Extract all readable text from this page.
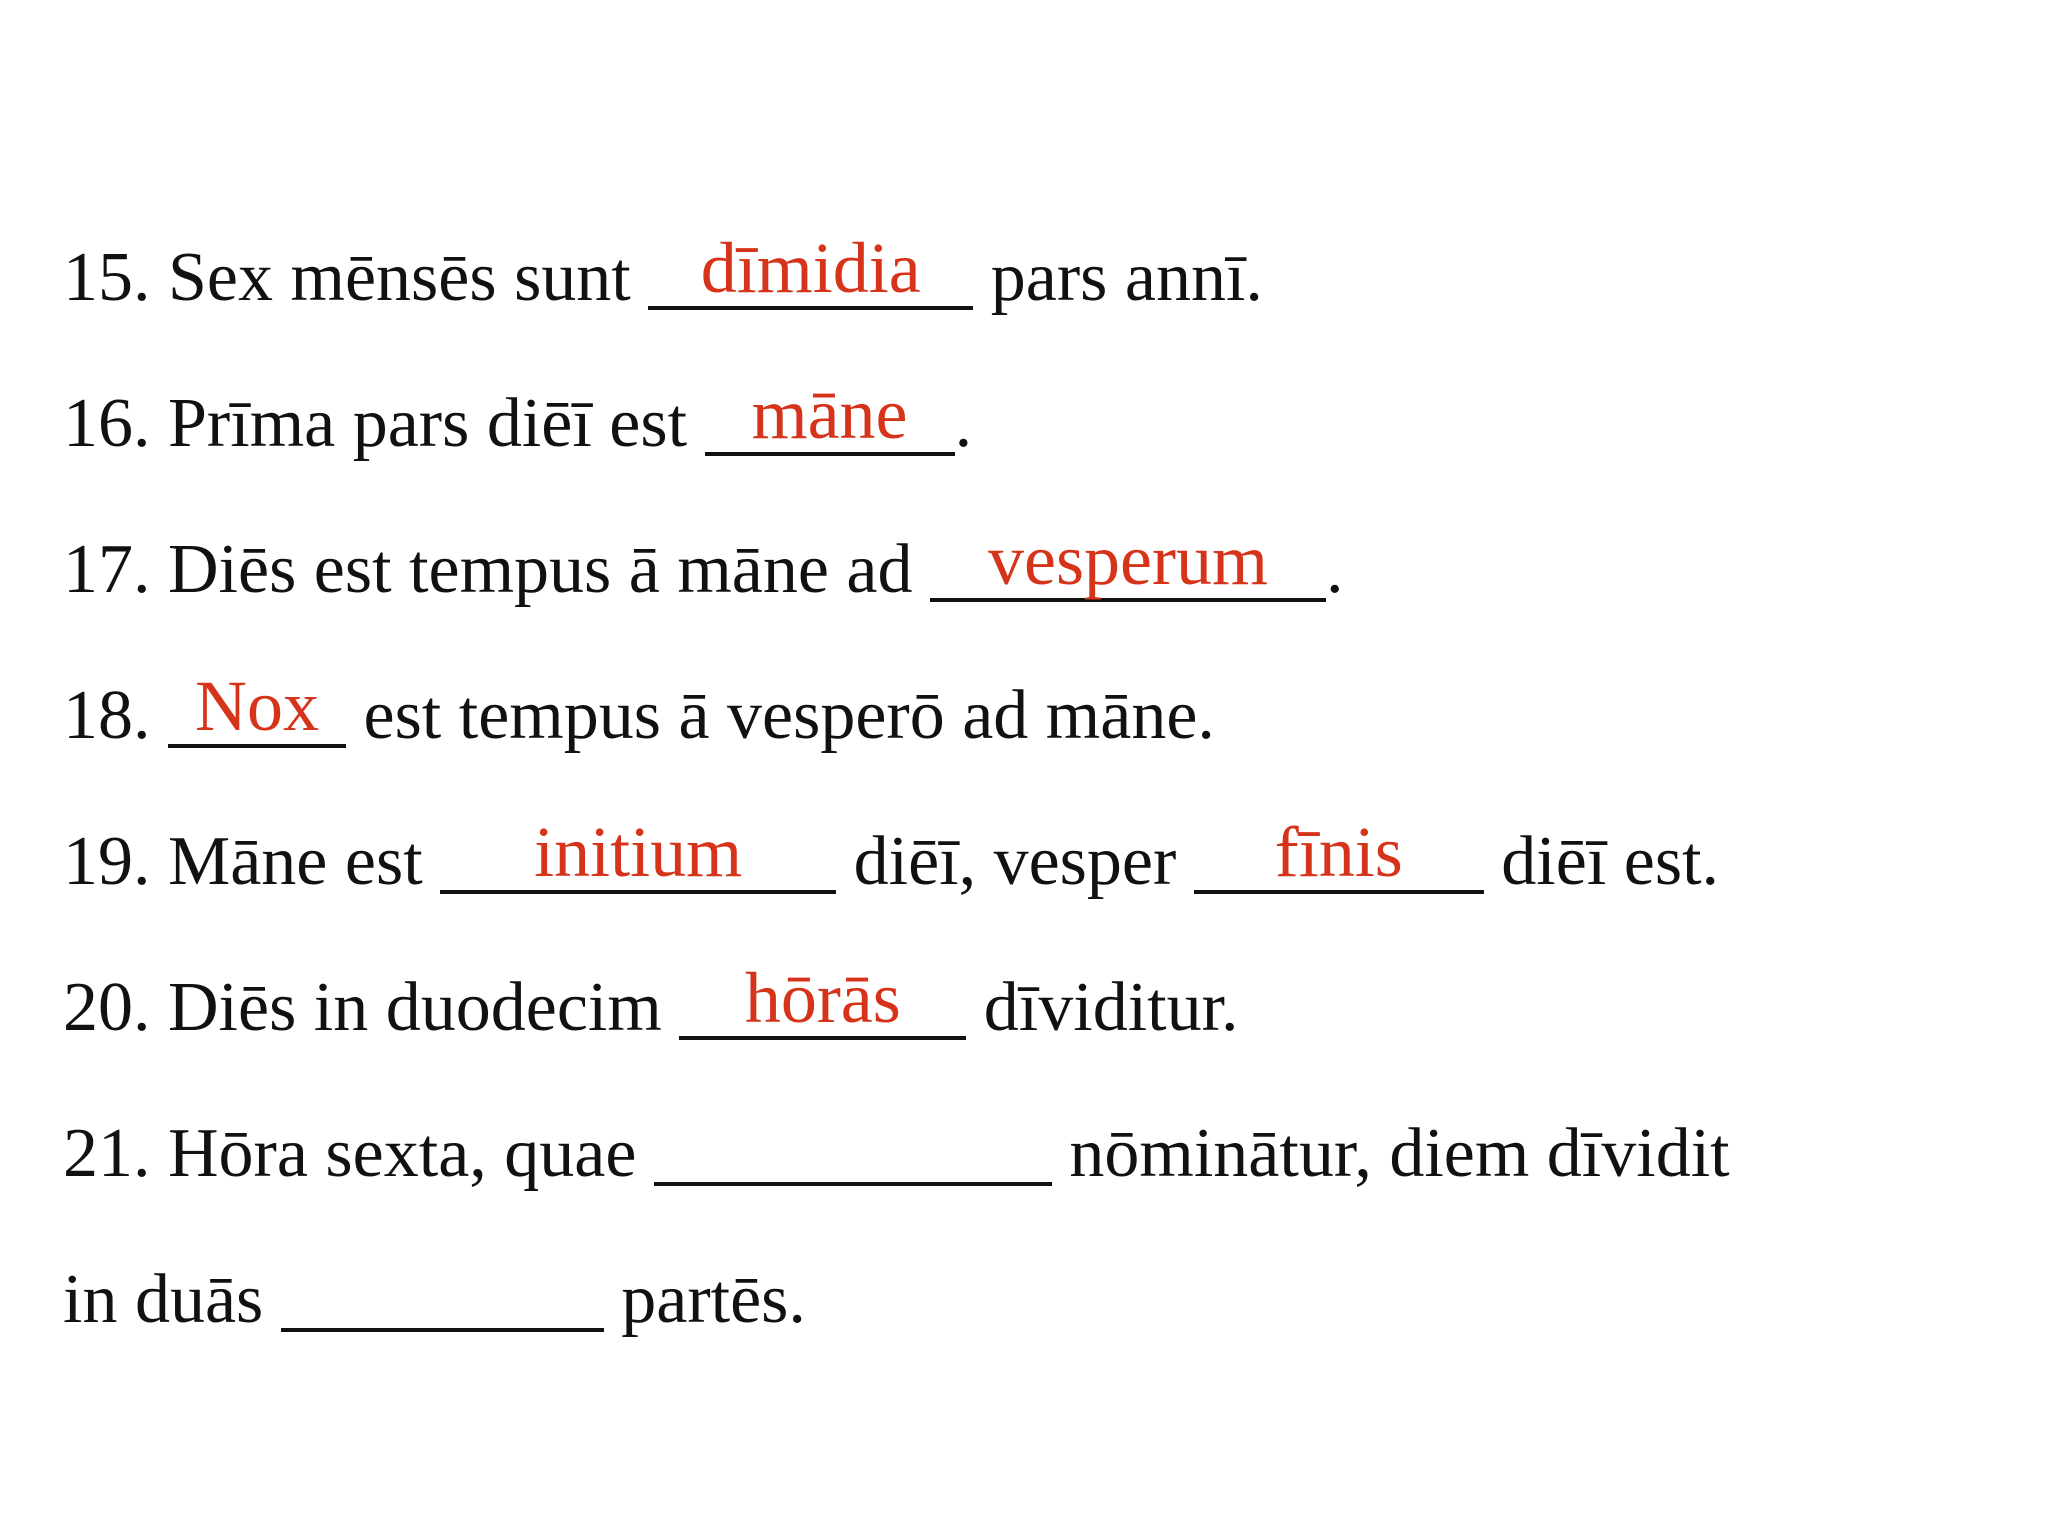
15. Sex mēnsēs sunt dīmidia pars annī.
16. Prīma pars diēī est māne .
17. Diēs est tempus ā māne ad vesperum .
18. Nox est tempus ā vesperō ad māne.
19. Māne est	initium	diēī, vesper	fīnis	diēī est.
20. Diēs in duodecim hōrās dīviditur.
21. Hōra sexta, quae	nōminātur, diem dīvidit
in duās	partēs.
